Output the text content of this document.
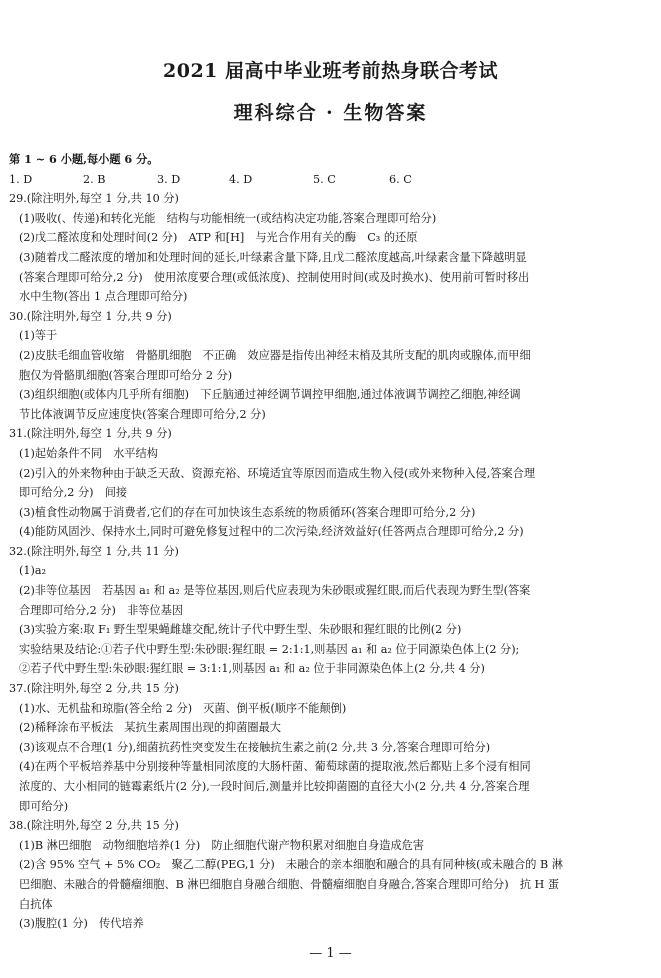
2021 届高中毕业班考前热身联合考试
理科综合 · 生物答案
第 1 ~ 6 小题,每小题 6 分。
1. D	2. B	3. D	4. D	5. C	6. C
29.(除注明外,每空 1 分,共 10 分)
(1)吸收(、传递)和转化光能　结构与功能相统一(或结构决定功能,答案合理即可给分)
(2)戊二醛浓度和处理时间(2 分)　ATP 和[H]　与光合作用有关的酶　C₃ 的还原
(3)随着戊二醛浓度的增加和处理时间的延长,叶绿素含量下降,且戊二醛浓度越高,叶绿素含量下降越明显
(答案合理即可给分,2 分)　使用浓度要合理(或低浓度)、控制使用时间(或及时换水)、使用前可暂时移出
水中生物(答出 1 点合理即可给分)
30.(除注明外,每空 1 分,共 9 分)
(1)等于
(2)皮肤毛细血管收缩　骨骼肌细胞　不正确　效应器是指传出神经末梢及其所支配的肌肉或腺体,而甲细
胞仅为骨骼肌细胞(答案合理即可给分 2 分)
(3)组织细胞(或体内几乎所有细胞)　下丘脑通过神经调节调控甲细胞,通过体液调节调控乙细胞,神经调
节比体液调节反应速度快(答案合理即可给分,2 分)
31.(除注明外,每空 1 分,共 9 分)
(1)起始条件不同　水平结构
(2)引入的外来物种由于缺乏天敌、资源充裕、环境适宜等原因而造成生物入侵(或外来物种入侵,答案合理
即可给分,2 分)　间接
(3)植食性动物属于消费者,它们的存在可加快该生态系统的物质循环(答案合理即可给分,2 分)
(4)能防风固沙、保持水土,同时可避免修复过程中的二次污染,经济效益好(任答两点合理即可给分,2 分)
32.(除注明外,每空 1 分,共 11 分)
(1)a₂
(2)非等位基因　若基因 a₁ 和 a₂ 是等位基因,则后代应表现为朱砂眼或猩红眼,而后代表现为野生型(答案
合理即可给分,2 分)　非等位基因
(3)实验方案:取 F₁ 野生型果蝇雌雄交配,统计子代中野生型、朱砂眼和猩红眼的比例(2 分)
实验结果及结论:①若子代中野生型:朱砂眼:猩红眼 = 2:1:1,则基因 a₁ 和 a₂ 位于同源染色体上(2 分);
②若子代中野生型:朱砂眼:猩红眼 = 3:1:1,则基因 a₁ 和 a₂ 位于非同源染色体上(2 分,共 4 分)
37.(除注明外,每空 2 分,共 15 分)
(1)水、无机盐和琼脂(答全给 2 分)　灭菌、倒平板(顺序不能颠倒)
(2)稀释涂布平板法　某抗生素周围出现的抑菌圈最大
(3)该观点不合理(1 分),细菌抗药性突变发生在接触抗生素之前(2 分,共 3 分,答案合理即可给分)
(4)在两个平板培养基中分别接种等量相同浓度的大肠杆菌、葡萄球菌的提取液,然后都贴上多个浸有相同
浓度的、大小相同的链霉素纸片(2 分),一段时间后,测量并比较抑菌圈的直径大小(2 分,共 4 分,答案合理
即可给分)
38.(除注明外,每空 2 分,共 15 分)
(1)B 淋巴细胞　动物细胞培养(1 分)　防止细胞代谢产物积累对细胞自身造成危害
(2)含 95% 空气 + 5% CO₂　聚乙二醇(PEG,1 分)　未融合的亲本细胞和融合的具有同种核(或未融合的 B 淋
巴细胞、未融合的骨髓瘤细胞、B 淋巴细胞自身融合细胞、骨髓瘤细胞自身融合,答案合理即可给分)　抗 H 蛋
白抗体
(3)腹腔(1 分)　传代培养
— 1 —
